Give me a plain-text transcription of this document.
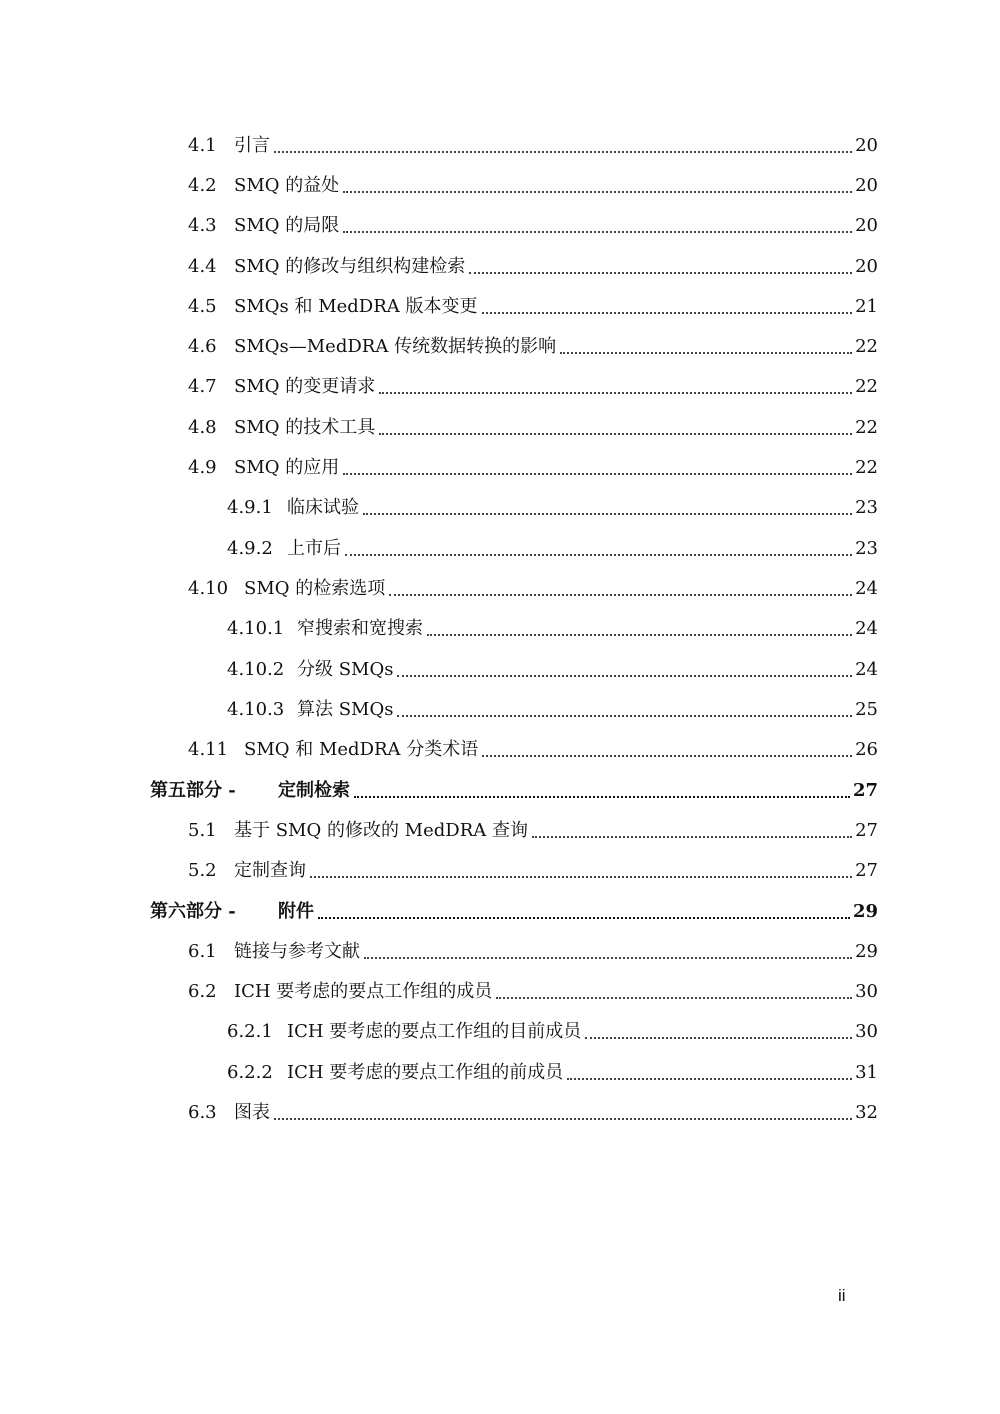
4.1 引言	20
4.2 SMQ 的益处	20
4.3 SMQ 的局限	20
4.4 SMQ 的修改与组织构建检索	20
4.5 SMQs 和 MedDRA 版本变更	21
4.6 SMQs—MedDRA 传统数据转换的影响	22
4.7 SMQ 的变更请求	22
4.8 SMQ 的技术工具	22
4.9 SMQ 的应用	22
4.9.1 临床试验	23
4.9.2 上市后	23
4.10 SMQ 的检索选项	24
4.10.1 窄搜索和宽搜索	24
4.10.2 分级 SMQs	24
4.10.3 算法 SMQs	25
4.11 SMQ 和 MedDRA 分类术语	26
第五部分 -	定制检索	27
5.1 基于 SMQ 的修改的 MedDRA 查询	27
5.2 定制查询	27
第六部分 -	附件	29
6.1 链接与参考文献	29
6.2 ICH 要考虑的要点工作组的成员	30
6.2.1 ICH 要考虑的要点工作组的目前成员	30
6.2.2 ICH 要考虑的要点工作组的前成员	31
6.3 图表	32
ii
